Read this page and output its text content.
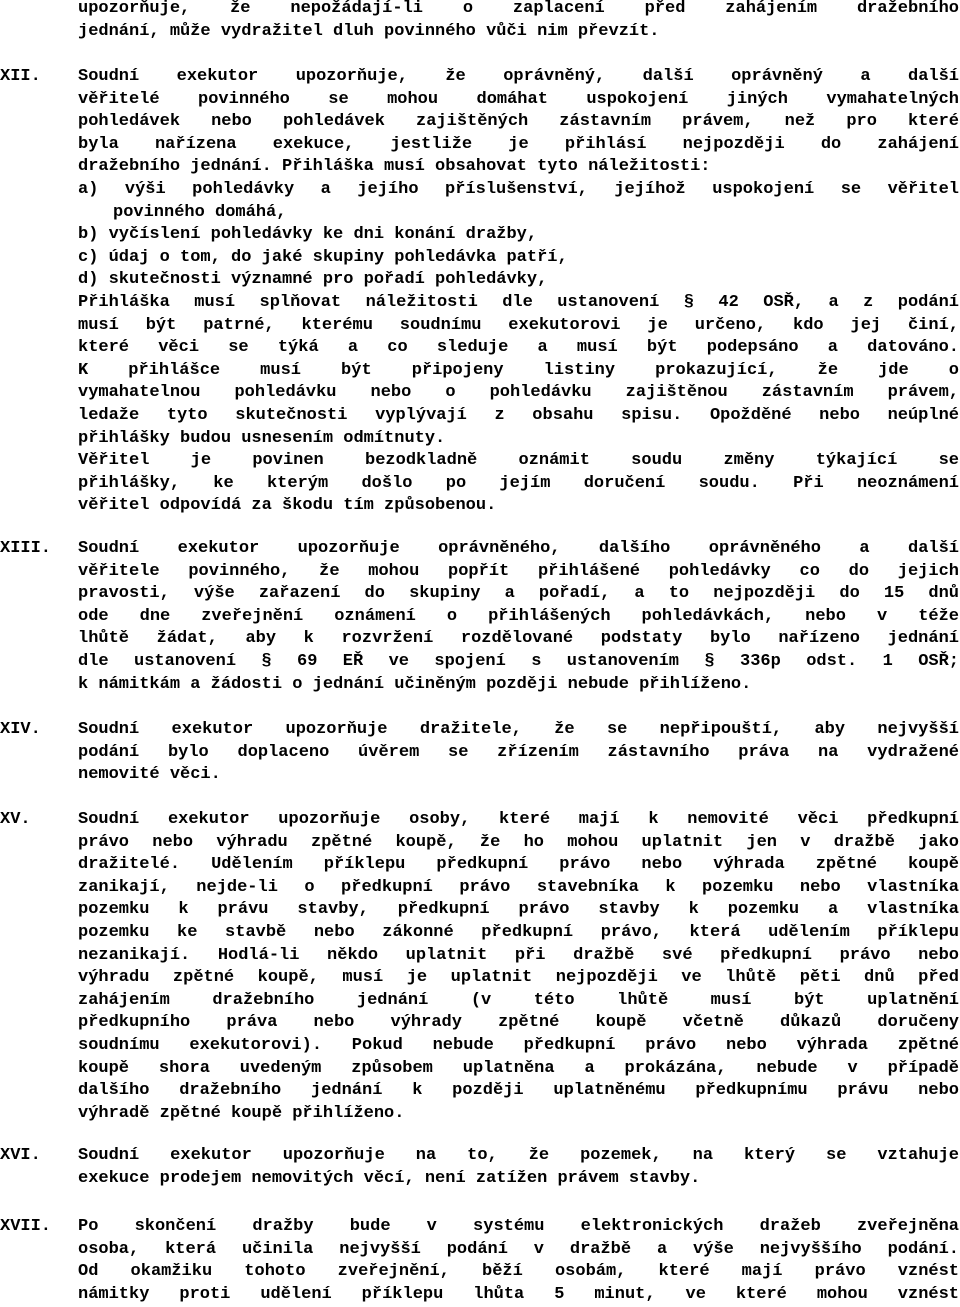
upozorňuje, že nepožádají-li o zaplacení před zahájením dražebního
jednání, může vydražitel dluh povinného vůči nim převzít.
XII.	Soudní exekutor upozorňuje, že oprávněný, další oprávněný a další
věřitelé povinného se mohou domáhat uspokojení jiných vymahatelných
pohledávek nebo pohledávek zajištěných zástavním právem, než pro které
byla nařízena exekuce, jestliže je přihlásí nejpozději do zahájení
dražebního jednání. Přihláška musí obsahovat tyto náležitosti:
a) výši pohledávky a jejího příslušenství, jejíhož uspokojení se věřitel
povinného domáhá,
b) vyčíslení pohledávky ke dni konání dražby,
c) údaj o tom, do jaké skupiny pohledávka patří,
d) skutečnosti významné pro pořadí pohledávky,
Přihláška musí splňovat náležitosti dle ustanovení § 42 OSŘ, a z podání
musí být patrné, kterému soudnímu exekutorovi je určeno, kdo jej činí,
které věci se týká a co sleduje a musí být podepsáno a datováno.
K přihlášce musí být připojeny listiny prokazující, že jde o
vymahatelnou pohledávku nebo o pohledávku zajištěnou zástavním právem,
ledaže tyto skutečnosti vyplývají z obsahu spisu. Opožděné nebo neúplné
přihlášky budou usnesením odmítnuty.
Věřitel je povinen bezodkladně oznámit soudu změny týkající se
přihlášky, ke kterým došlo po jejím doručení soudu. Při neoznámení
věřitel odpovídá za škodu tím způsobenou.
XIII.	Soudní exekutor upozorňuje oprávněného, dalšího oprávněného a další
věřitele povinného, že mohou popřít přihlášené pohledávky co do jejich
pravosti, výše zařazení do skupiny a pořadí, a to nejpozději do 15 dnů
ode dne zveřejnění oznámení o přihlášených pohledávkách, nebo v téže
lhůtě žádat, aby k rozvržení rozdělované podstaty bylo nařízeno jednání
dle ustanovení § 69 EŘ ve spojení s ustanovením § 336p odst. 1 OSŘ;
k námitkám a žádosti o jednání učiněným později nebude přihlíženo.
XIV.	Soudní exekutor upozorňuje dražitele, že se nepřipouští, aby nejvyšší
podání bylo doplaceno úvěrem se zřízením zástavního práva na vydražené
nemovité věci.
XV.	Soudní exekutor upozorňuje osoby, které mají k nemovité věci předkupní
právo nebo výhradu zpětné koupě, že ho mohou uplatnit jen v dražbě jako
dražitelé. Udělením příklepu předkupní právo nebo výhrada zpětné koupě
zanikají, nejde-li o předkupní právo stavebníka k pozemku nebo vlastníka
pozemku k právu stavby, předkupní právo stavby k pozemku a vlastníka
pozemku ke stavbě nebo zákonné předkupní právo, která udělením příklepu
nezanikají. Hodlá-li někdo uplatnit při dražbě své předkupní právo nebo
výhradu zpětné koupě, musí je uplatnit nejpozději ve lhůtě pěti dnů před
zahájením dražebního jednání (v této lhůtě musí být uplatnění
předkupního práva nebo výhrady zpětné koupě včetně důkazů doručeny
soudnímu exekutorovi). Pokud nebude předkupní právo nebo výhrada zpětné
koupě shora uvedeným způsobem uplatněna a prokázána, nebude v případě
dalšího dražebního jednání k později uplatněnému předkupnímu právu nebo
výhradě zpětné koupě přihlíženo.
XVI.	Soudní exekutor upozorňuje na to, že pozemek, na který se vztahuje
exekuce prodejem nemovitých věcí, není zatížen právem stavby.
XVII.	Po skončení dražby bude v systému elektronických dražeb zveřejněna
osoba, která učinila nejvyšší podání v dražbě a výše nejvyššího podání.
Od okamžiku tohoto zveřejnění, běží osobám, které mají právo vznést
námitky proti udělení příklepu lhůta 5 minut, ve které mohou vznést
